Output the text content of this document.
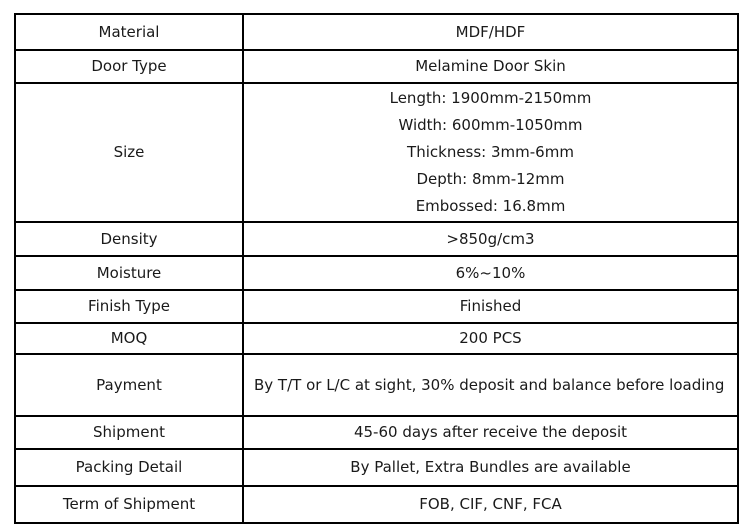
Material	MDF/HDF

Door Type	Melamine Door Skin

Size	Length: 1900mm-2150mm
Width: 600mm-1050mm
Thickness: 3mm-6mm
Depth: 8mm-12mm
Embossed: 16.8mm

Density	>850g/cm3

Moisture	6%~10%

Finish Type	Finished

MOQ	200 PCS

Payment	By T/T or L/C at sight, 30% deposit and balance before loading

Shipment	45-60 days after receive the deposit

Packing Detail	By Pallet, Extra Bundles are available

Term of Shipment	FOB, CIF, CNF, FCA
